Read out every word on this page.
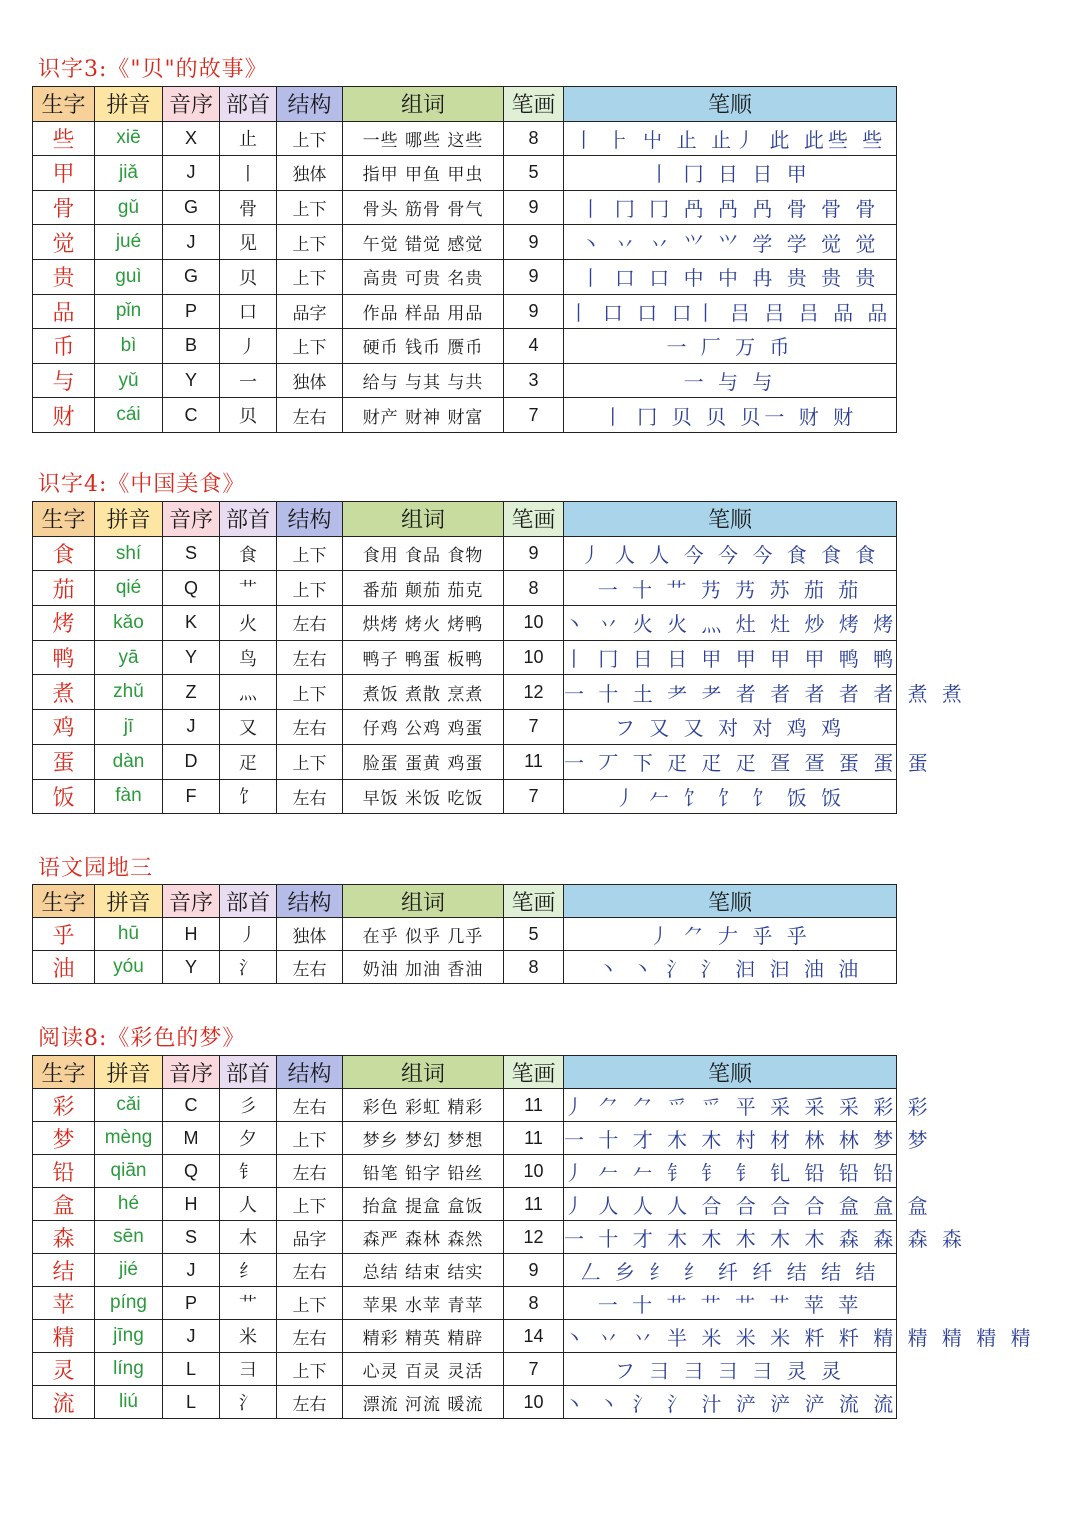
识字3:《"贝"的故事》
生字	拼音	音序	部首	结构	组词	笔画	笔顺
些	xiē	X	止	上下	一些 哪些 这些	8	丨 ⺊ 屮 止 止丿 此 此些 些
甲	jiǎ	J	丨	独体	指甲 甲鱼 甲虫	5	丨 冂 日 日 甲
骨	gǔ	G	骨	上下	骨头 筋骨 骨气	9	丨 冂 冂 冎 冎 冎 骨 骨 骨
觉	jué	J	见	上下	午觉 错觉 感觉	9	丶 丷 丷 ⺍ 𭕄 学 学 觉 觉
贵	guì	G	贝	上下	高贵 可贵 名贵	9	丨 口 口 中 中 冉 贵 贵 贵
品	pǐn	P	口	品字	作品 样品 用品	9	丨 口 口 口丨 吕 吕 吕 品 品
币	bì	B	丿	上下	硬币 钱币 赝币	4	一 厂 万 币
与	yǔ	Y	一	独体	给与 与其 与共	3	一 与 与
财	cái	C	贝	左右	财产 财神 财富	7	丨 冂 贝 贝 贝一 财 财
识字4:《中国美食》
生字	拼音	音序	部首	结构	组词	笔画	笔顺
食	shí	S	食	上下	食用 食品 食物	9	丿 人 人 今 今 今 食 食 食
茄	qié	Q	艹	上下	番茄 颠茄 茄克	8	一 十 艹 艿 艿 苏 茄 茄
烤	kǎo	K	火	左右	烘烤 烤火 烤鸭	10	丶 丷 火 火 灬 灶 灶 炒 烤 烤
鸭	yā	Y	鸟	左右	鸭子 鸭蛋 板鸭	10	丨 冂 日 日 甲 甲 甲 甲 鸭 鸭
煮	zhǔ	Z	灬	上下	煮饭 煮散 烹煮	12	一 十 土 耂 耂 者 者 者 者 者 煮 煮
鸡	jī	J	又	左右	仔鸡 公鸡 鸡蛋	7	フ 又 又 对 对 鸡 鸡
蛋	dàn	D	疋	上下	脸蛋 蛋黄 鸡蛋	11	一 丆 下 疋 疋 疋 疍 疍 蛋 蛋 蛋
饭	fàn	F	饣	左右	早饭 米饭 吃饭	7	丿 𠂉 饣 饣 饣 饭 饭
语文园地三
生字	拼音	音序	部首	结构	组词	笔画	笔顺
乎	hū	H	丿	独体	在乎 似乎 几乎	5	丿 ⺈ 𠂇 乎 乎
油	yóu	Y	氵	左右	奶油 加油 香油	8	丶 丶 氵 氵 汩 汩 油 油
阅读8:《彩色的梦》
生字	拼音	音序	部首	结构	组词	笔画	笔顺
彩	cǎi	C	彡	左右	彩色 彩虹 精彩	11	丿 ⺈ ⺈ 爫 爫 平 采 采 采 彩 彩
梦	mèng	M	夕	上下	梦乡 梦幻 梦想	11	一 十 才 木 木 村 材 林 林 梦 梦
铅	qiān	Q	钅	左右	铅笔 铅字 铅丝	10	丿 𠂉 𠂉 钅 钅 钅 钆 铅 铅 铅
盒	hé	H	人	上下	抬盒 提盒 盒饭	11	丿 人 人 人 合 合 合 合 盒 盒 盒
森	sēn	S	木	品字	森严 森林 森然	12	一 十 才 木 木 木 木 木 森 森 森 森
结	jié	J	纟	左右	总结 结束 结实	9	𠃋 乡 纟 纟 纤 纤 结 结 结
苹	píng	P	艹	上下	苹果 水苹 青苹	8	一 十 艹 艹 艹 艹 苹 苹
精	jīng	J	米	左右	精彩 精英 精辟	14	丶 丷 丷 半 米 米 米 粁 粁 精 精 精 精 精
灵	líng	L	彐	上下	心灵 百灵 灵活	7	フ 彐 彐 彐 彐 灵 灵
流	liú	L	氵	左右	漂流 河流 暖流	10	丶 丶 氵 氵 汁 浐 浐 浐 流 流
